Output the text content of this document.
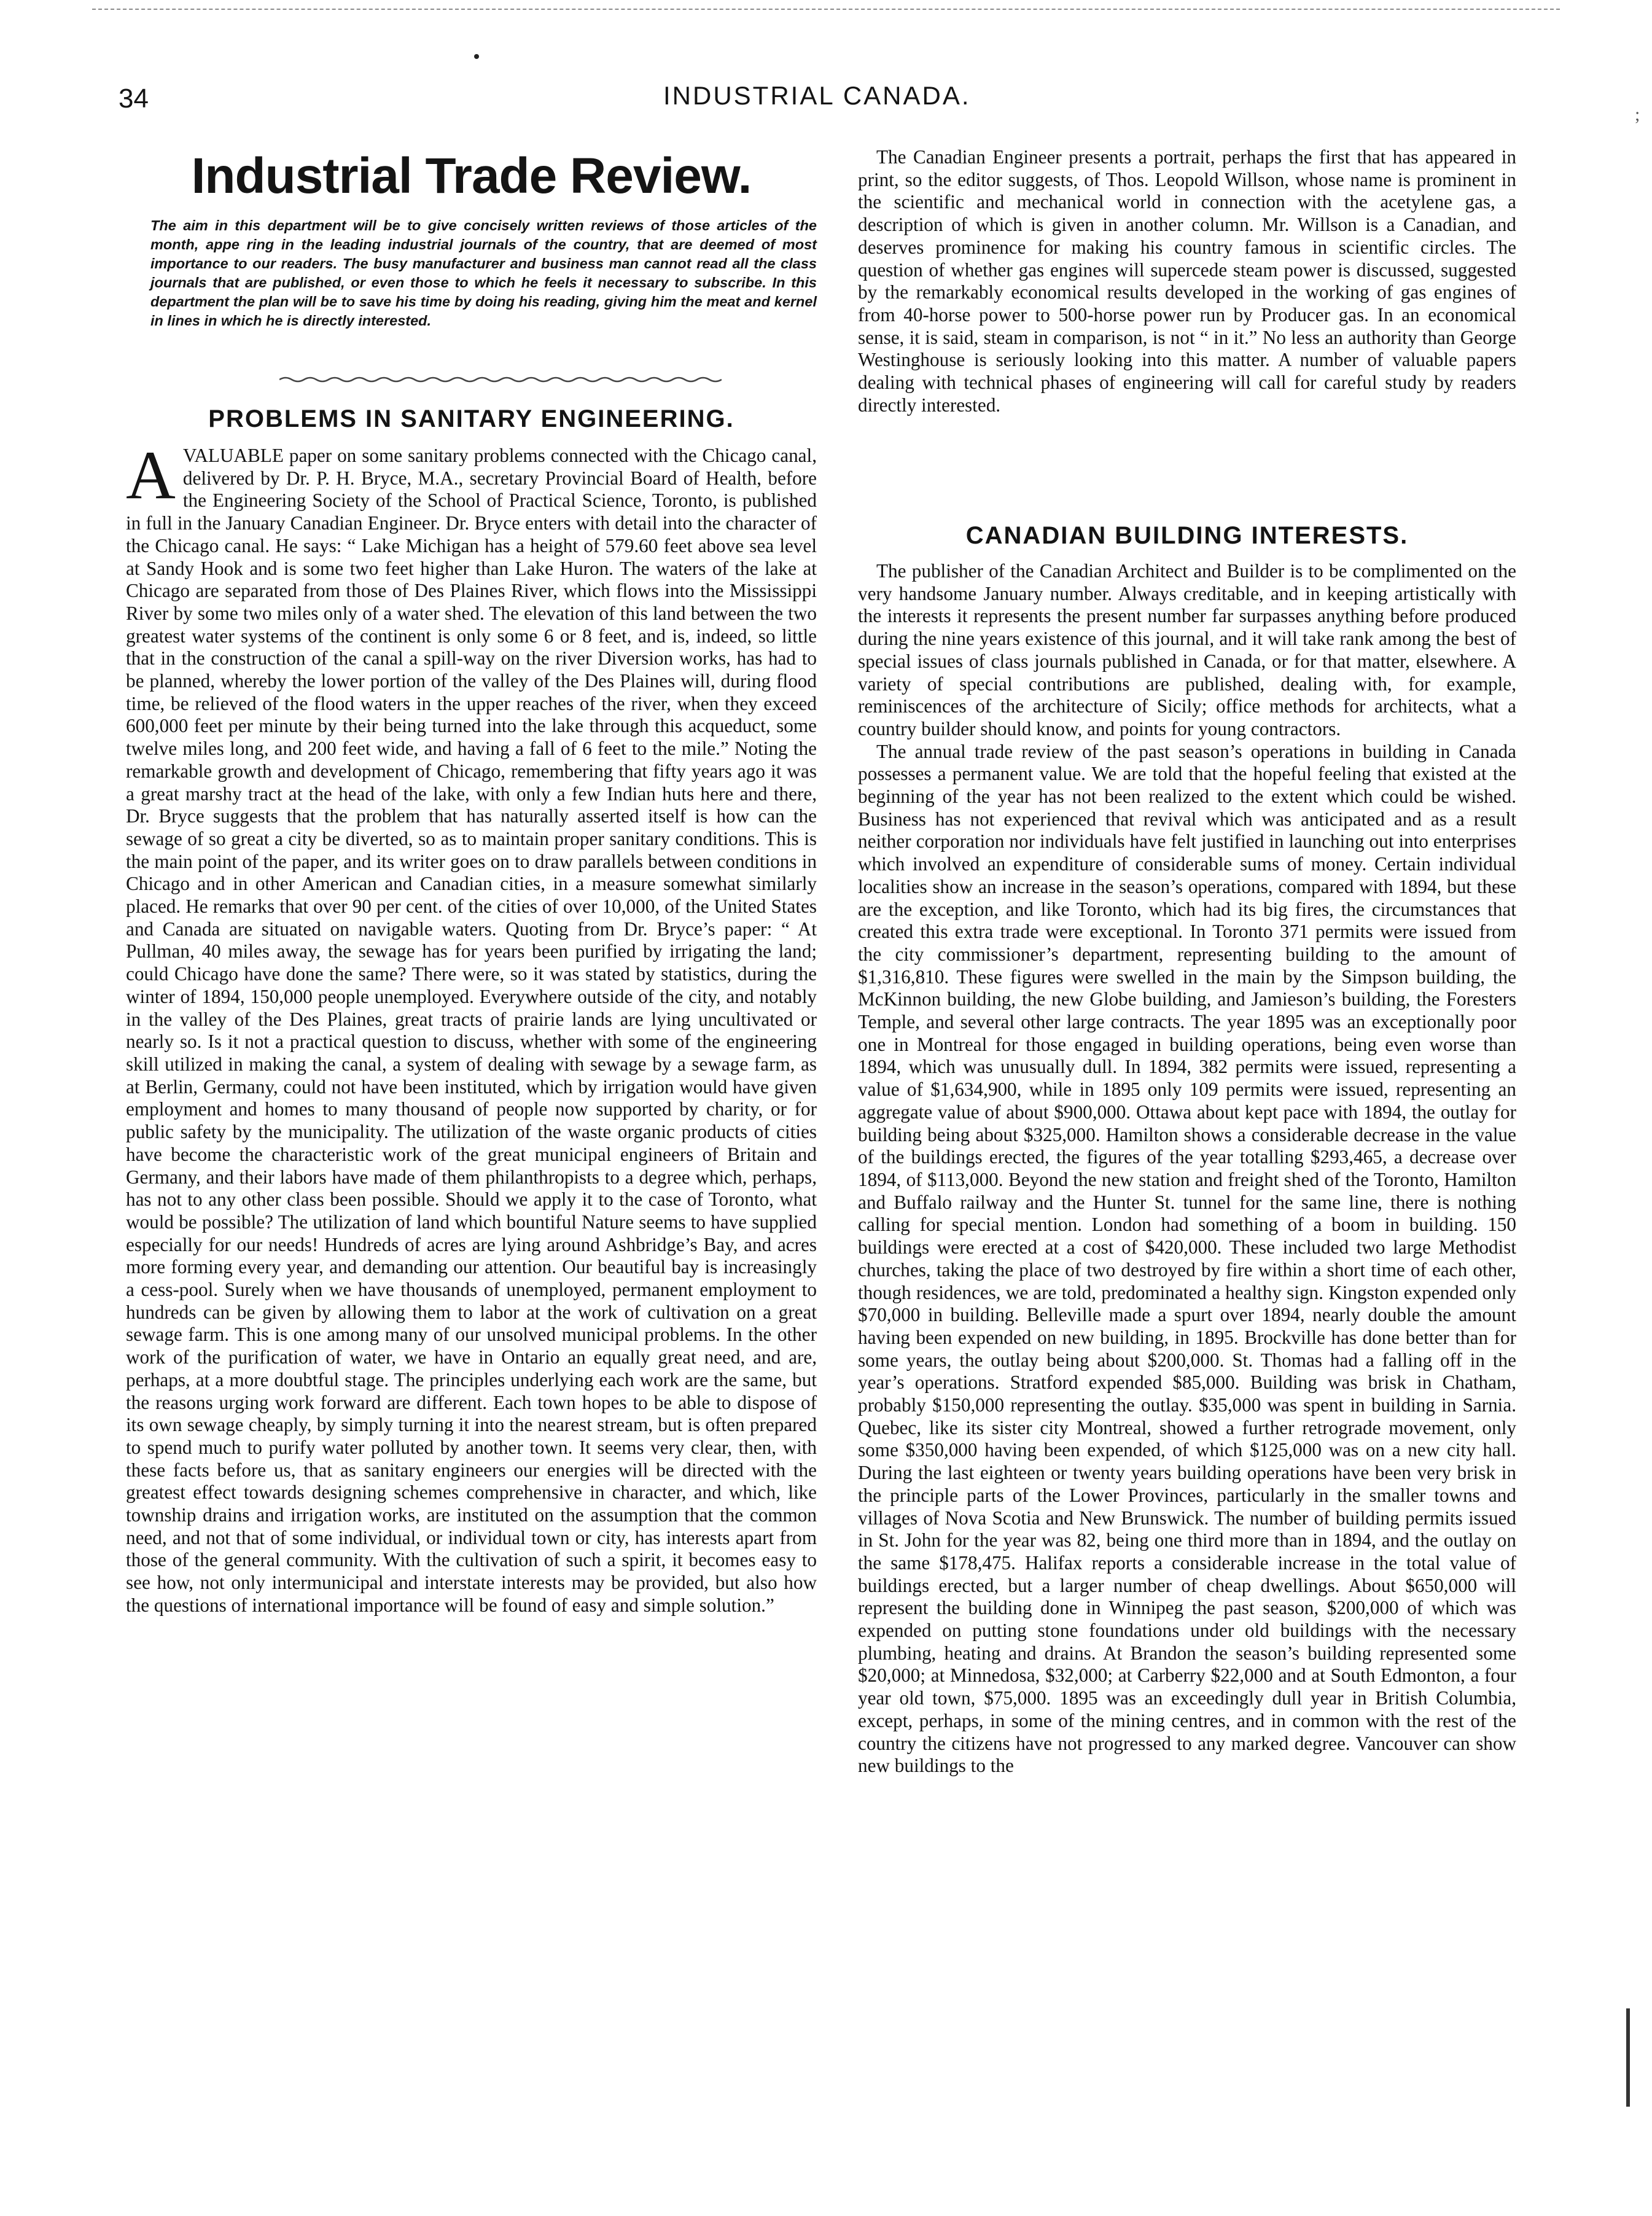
;
34	INDUSTRIAL CANADA.
Industrial Trade Review.

The aim in this department will be to give concisely written reviews of those articles of the month, appe ring in the leading industrial journals of the country, that are deemed of most importance to our readers. The busy manufacturer and business man cannot read all the class journals that are published, or even those to which he feels it necessary to subscribe. In this department the plan will be to save his time by doing his reading, giving him the meat and kernel in lines in which he is directly interested.

PROBLEMS IN SANITARY ENGINEERING.

AVALUABLE paper on some sanitary problems connected with the Chicago canal, delivered by Dr. P. H. Bryce, M.A., secretary Provincial Board of Health, before the Engineering Society of the School of Practical Science, Toronto, is published in full in the January Canadian Engineer. Dr. Bryce enters with detail into the character of the Chicago canal. He says: “ Lake Michigan has a height of 579.60 feet above sea level at Sandy Hook and is some two feet higher than Lake Huron. The waters of the lake at Chicago are separated from those of Des Plaines River, which flows into the Mississippi River by some two miles only of a water shed. The elevation of this land between the two greatest water systems of the continent is only some 6 or 8 feet, and is, indeed, so little that in the construction of the canal a spill-way on the river Diversion works, has had to be planned, whereby the lower portion of the valley of the Des Plaines will, during flood time, be relieved of the flood waters in the upper reaches of the river, when they exceed 600,000 feet per minute by their being turned into the lake through this acqueduct, some twelve miles long, and 200 feet wide, and having a fall of 6 feet to the mile.” Noting the remarkable growth and development of Chicago, remembering that fifty years ago it was a great marshy tract at the head of the lake, with only a few Indian huts here and there, Dr. Bryce suggests that the problem that has naturally asserted itself is how can the sewage of so great a city be diverted, so as to maintain proper sanitary conditions. This is the main point of the paper, and its writer goes on to draw parallels between conditions in Chicago and in other American and Canadian cities, in a measure somewhat similarly placed. He remarks that over 90 per cent. of the cities of over 10,000, of the United States and Canada are situated on navigable waters. Quoting from Dr. Bryce’s paper: “ At Pullman, 40 miles away, the sewage has for years been purified by irrigating the land; could Chicago have done the same? There were, so it was stated by statistics, during the winter of 1894, 150,000 people unemployed. Everywhere outside of the city, and notably in the valley of the Des Plaines, great tracts of prairie lands are lying uncultivated or nearly so. Is it not a practical question to discuss, whether with some of the engineering skill utilized in making the canal, a system of dealing with sewage by a sewage farm, as at Berlin, Germany, could not have been instituted, which by irrigation would have given employment and homes to many thousand of people now supported by charity, or for public safety by the municipality. The utilization of the waste organic products of cities have become the characteristic work of the great municipal engineers of Britain and Germany, and their labors have made of them philanthropists to a degree which, perhaps, has not to any other class been possible. Should we apply it to the case of Toronto, what would be possible? The utilization of land which bountiful Nature seems to have supplied especially for our needs! Hundreds of acres are lying around Ashbridge’s Bay, and acres more forming every year, and demanding our attention. Our beautiful bay is increasingly a cess-pool. Surely when we have thousands of unemployed, permanent employment to hundreds can be given by allowing them to labor at the work of cultivation on a great sewage farm. This is one among many of our unsolved municipal problems. In the other work of the purification of water, we have in Ontario an equally great need, and are, perhaps, at a more doubtful stage. The principles underlying each work are the same, but the reasons urging work forward are different. Each town hopes to be able to dispose of its own sewage cheaply, by simply turning it into the nearest stream, but is often prepared to spend much to purify water polluted by another town. It seems very clear, then, with these facts before us, that as sanitary engineers our energies will be directed with the greatest effect towards designing schemes comprehensive in character, and which, like township drains and irrigation works, are instituted on the assumption that the common need, and not that of some individual, or individual town or city, has interests apart from those of the general community. With the cultivation of such a spirit, it becomes easy to see how, not only intermunicipal and interstate interests may be provided, but also how the questions of international importance will be found of easy and simple solution.”

The Canadian Engineer presents a portrait, perhaps the first that has appeared in print, so the editor suggests, of Thos. Leopold Willson, whose name is prominent in the scientific and mechanical world in connection with the acetylene gas, a description of which is given in another column. Mr. Willson is a Canadian, and deserves prominence for making his country famous in scientific circles. The question of whether gas engines will supercede steam power is discussed, suggested by the remarkably economical results developed in the working of gas engines of from 40-horse power to 500-horse power run by Producer gas. In an economical sense, it is said, steam in comparison, is not “ in it.” No less an authority than George Westinghouse is seriously looking into this matter. A number of valuable papers dealing with technical phases of engineering will call for careful study by readers directly interested.

CANADIAN BUILDING INTERESTS.

The publisher of the Canadian Architect and Builder is to be complimented on the very handsome January number. Always creditable, and in keeping artistically with the interests it represents the present number far surpasses anything before produced during the nine years existence of this journal, and it will take rank among the best of special issues of class journals published in Canada, or for that matter, elsewhere. A variety of special contributions are published, dealing with, for example, reminiscences of the architecture of Sicily; office methods for architects, what a country builder should know, and points for young contractors.

The annual trade review of the past season’s operations in building in Canada possesses a permanent value. We are told that the hopeful feeling that existed at the beginning of the year has not been realized to the extent which could be wished. Business has not experienced that revival which was anticipated and as a result neither corporation nor individuals have felt justified in launching out into enterprises which involved an expenditure of considerable sums of money. Certain individual localities show an increase in the season’s operations, compared with 1894, but these are the exception, and like Toronto, which had its big fires, the circumstances that created this extra trade were exceptional. In Toronto 371 permits were issued from the city commissioner’s department, representing building to the amount of $1,316,810. These figures were swelled in the main by the Simpson building, the McKinnon building, the new Globe building, and Jamieson’s building, the Foresters Temple, and several other large contracts. The year 1895 was an exceptionally poor one in Montreal for those engaged in building operations, being even worse than 1894, which was unusually dull. In 1894, 382 permits were issued, representing a value of $1,634,900, while in 1895 only 109 permits were issued, representing an aggregate value of about $900,000. Ottawa about kept pace with 1894, the outlay for building being about $325,000. Hamilton shows a considerable decrease in the value of the buildings erected, the figures of the year totalling $293,465, a decrease over 1894, of $113,000. Beyond the new station and freight shed of the Toronto, Hamilton and Buffalo railway and the Hunter St. tunnel for the same line, there is nothing calling for special mention. London had something of a boom in building. 150 buildings were erected at a cost of $420,000. These included two large Methodist churches, taking the place of two destroyed by fire within a short time of each other, though residences, we are told, predominated a healthy sign. Kingston expended only $70,000 in building. Belleville made a spurt over 1894, nearly double the amount having been expended on new building, in 1895. Brockville has done better than for some years, the outlay being about $200,000. St. Thomas had a falling off in the year’s operations. Stratford expended $85,000. Building was brisk in Chatham, probably $150,000 representing the outlay. $35,000 was spent in building in Sarnia. Quebec, like its sister city Montreal, showed a further retrograde movement, only some $350,000 having been expended, of which $125,000 was on a new city hall. During the last eighteen or twenty years building operations have been very brisk in the principle parts of the Lower Provinces, particularly in the smaller towns and villages of Nova Scotia and New Brunswick. The number of building permits issued in St. John for the year was 82, being one third more than in 1894, and the outlay on the same $178,475. Halifax reports a considerable increase in the total value of buildings erected, but a larger number of cheap dwellings. About $650,000 will represent the building done in Winnipeg the past season, $200,000 of which was expended on putting stone foundations under old buildings with the necessary plumbing, heating and drains. At Brandon the season’s building represented some $20,000; at Minnedosa, $32,000; at Carberry $22,000 and at South Edmonton, a four year old town, $75,000. 1895 was an exceedingly dull year in British Columbia, except, perhaps, in some of the mining centres, and in common with the rest of the country the citizens have not progressed to any marked degree. Vancouver can show new buildings to the
